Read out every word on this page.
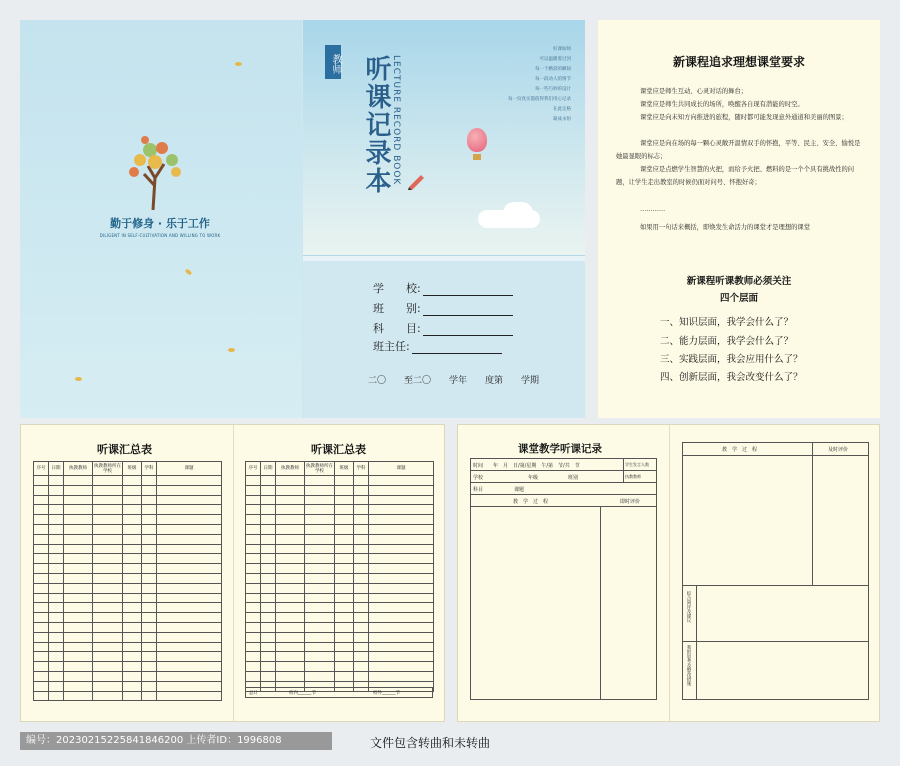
勤于修身 · 乐于工作
DILIGENT IN SELF-CULTIVATION AND WILLING TO WORK
教师 听课记录本 LECTURE RECORD BOOK
好课如师
可以温暖着过河
每一个精彩的瞬间
每一段动人的情节
每一些巧妙的设计
每一份真实都值得我们用心记录
在此定格
凝成永恒
学　　校:
班　　别:
科　　目:
班主任:
二〇　　至二〇　　学年　　度第　　学期
新课程追求理想课堂要求
课堂应是师生互动、心灵对话的舞台；
课堂应是师生共同成长的场所，唤醒各自现有潜能的时空。
课堂应是向未知方向推进的旅程，随时都可能发现意外通道和美丽的图景；
课堂应是向在场的每一颗心灵敞开温情双手的怀抱，平等、民主、安全、愉悦是她最显眼的标志；
课堂应是点燃学生智慧的火把，而给予火把、燃料的是一个个具有挑战性的问题，让学生走出教室的时候仍面对问号、怀抱好奇；
…………
如果用一句话来概括，即焕发生命活力的课堂才是理想的课堂
新课程听课教师必须关注
四个层面
一、知识层面，我学会什么了？
二、能力层面，我学会什么了？
三、实践层面，我会应用什么了？
四、创新层面，我会改变什么了？
听课汇总表
序号	日期	执教教师	执教教师所在学校	班级	学科	课题

听课汇总表
序号	日期	执教教师	执教教师所在学校	班级	学科	课题

总计	校内______节	校外______节
课堂教学听课记录
时间　　年　月　日/第/星期　午/第　节/共　节	学生发言人数
学校	年级	班别	执教教师
科目	课题
教　学　过　程	即时评价
教　学　过　程	及时评价
综合简评及建议
我的思考及整改措施
编号：20230215225841846200 上传者ID：1996808	文件包含转曲和未转曲
